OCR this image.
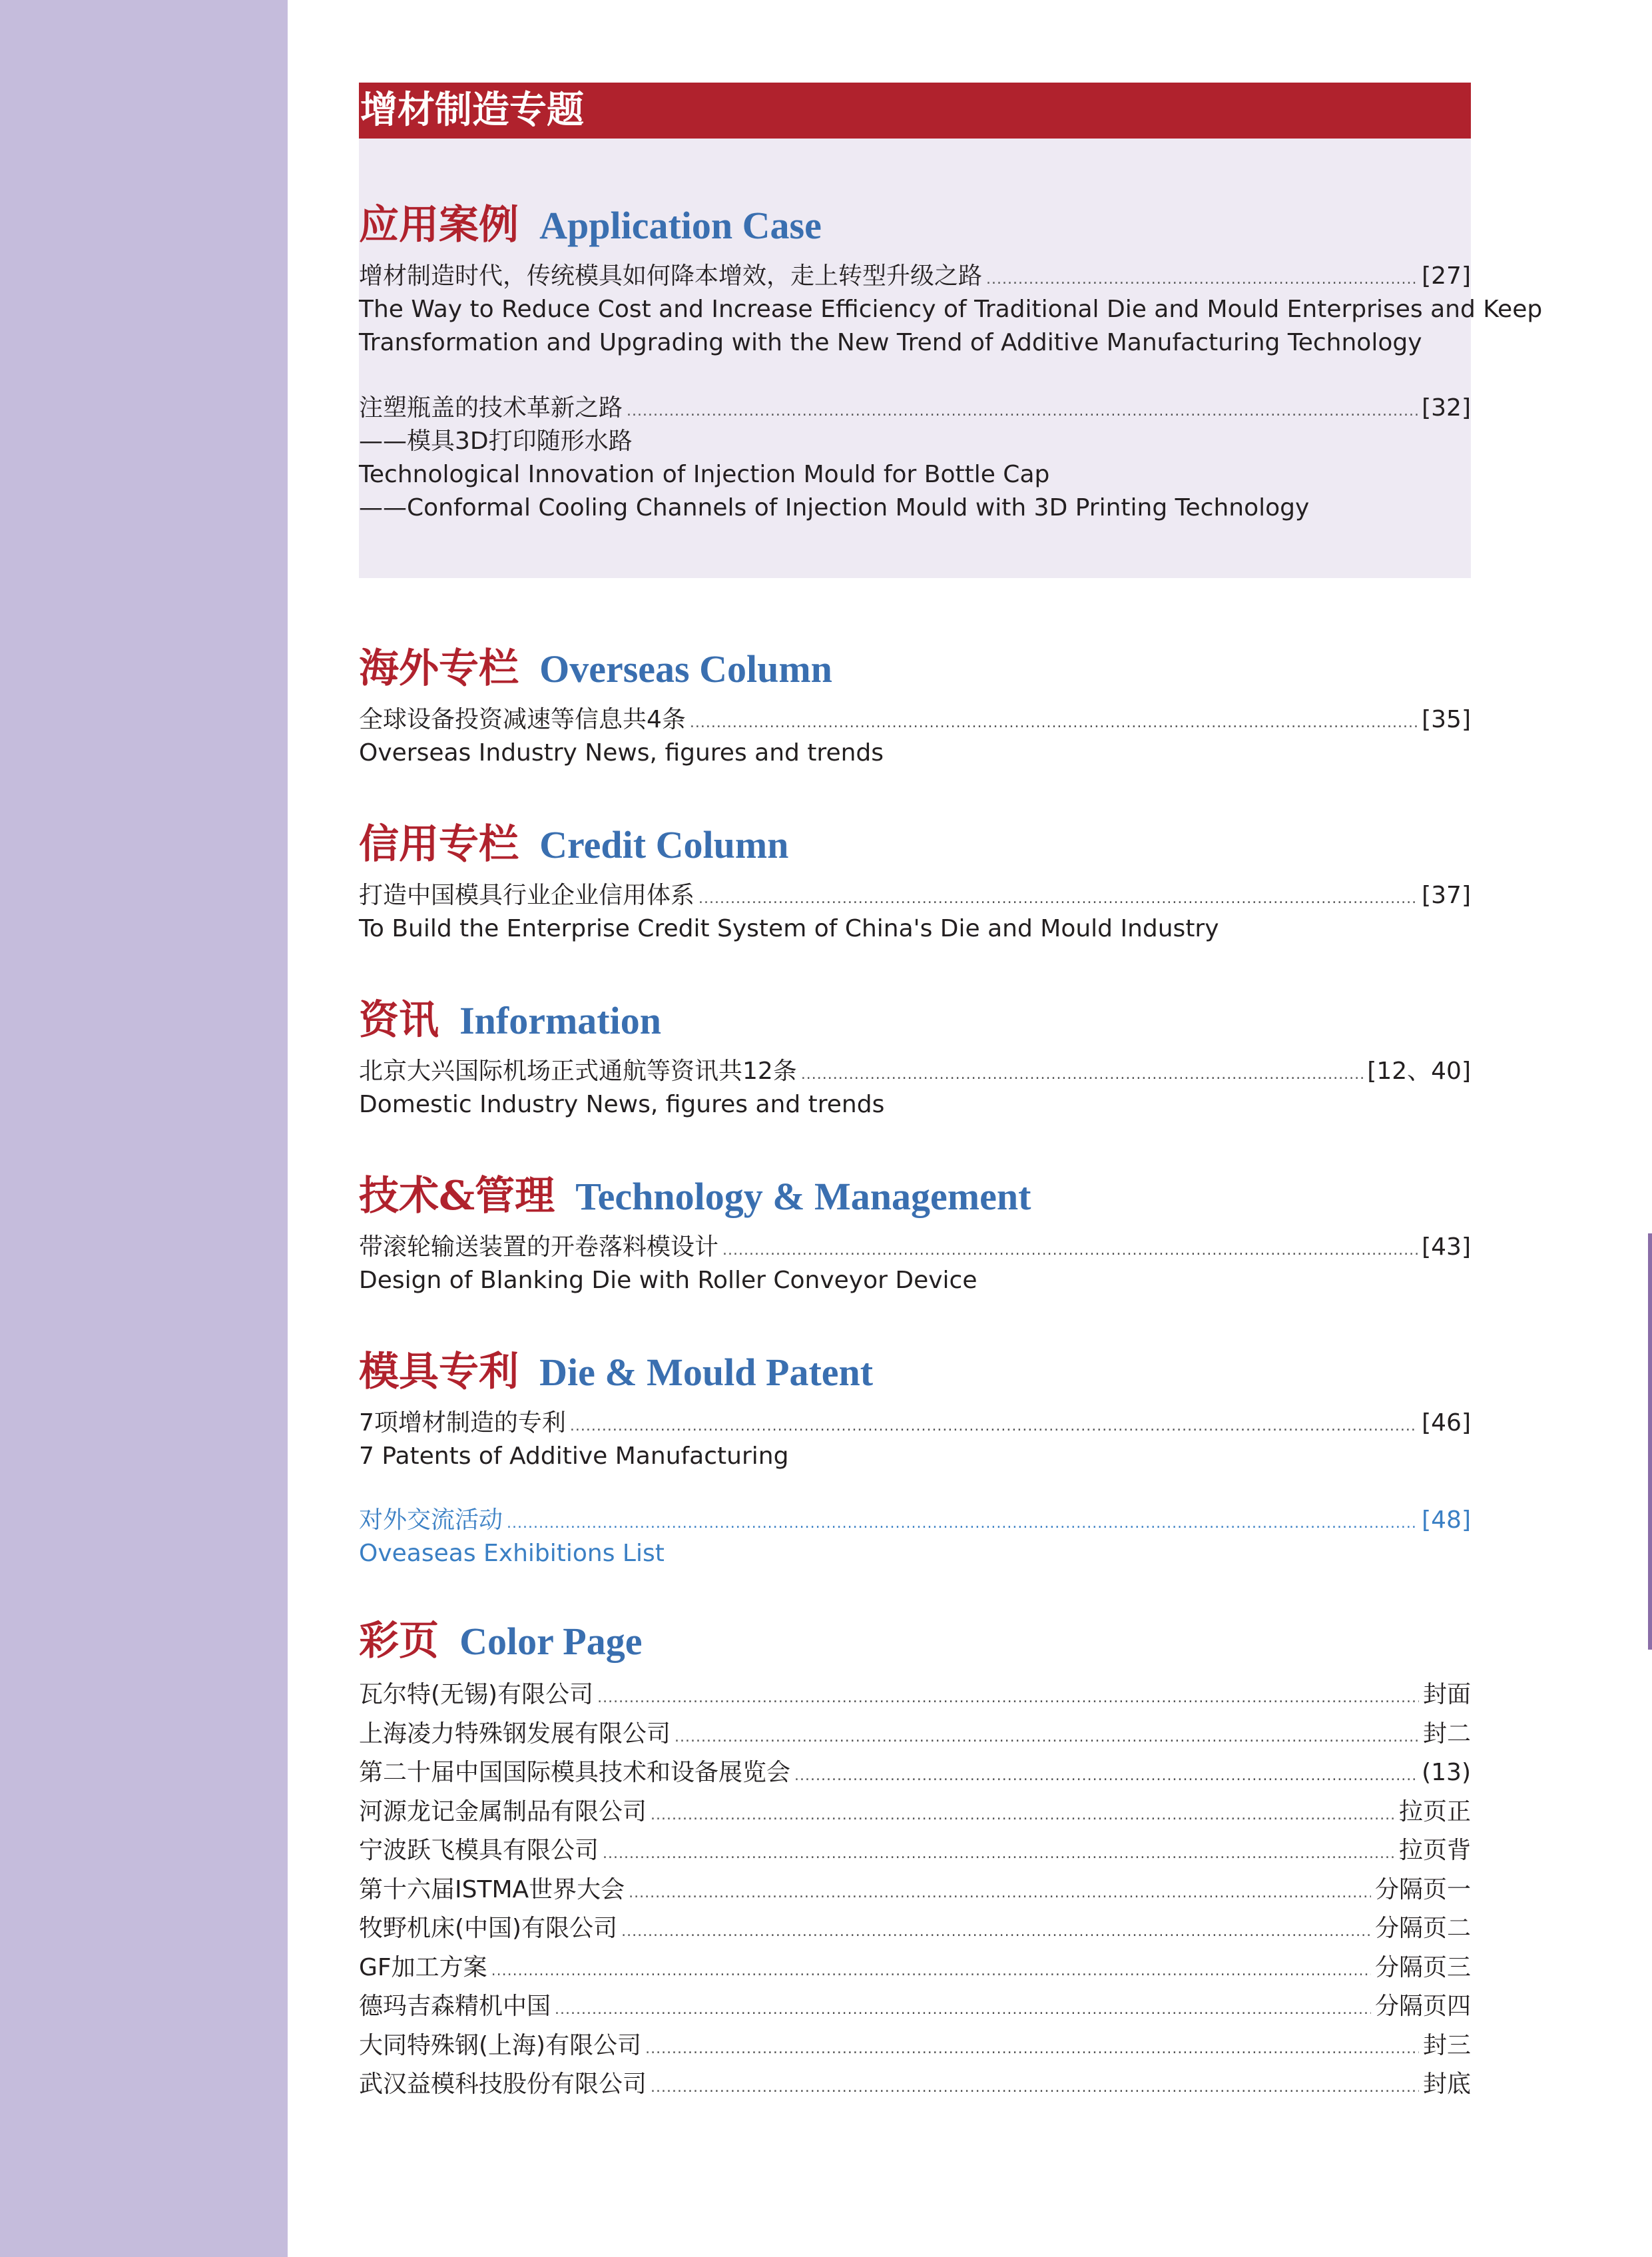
增材制造专题
应用案例 Application Case
增材制造时代，传统模具如何降本增效，走上转型升级之路 .....	[27]
The Way to Reduce Cost and Increase Efficiency of Traditional Die and Mould Enterprises and Keep
Transformation and Upgrading with the New Trend of Additive Manufacturing Technology
注塑瓶盖的技术革新之路 .....	[32]
——模具3D打印随形水路
Technological Innovation of Injection Mould for Bottle Cap
——Conformal Cooling Channels of Injection Mould with 3D Printing Technology
海外专栏 Overseas Column
全球设备投资减速等信息共4条 .....	[35]
Overseas Industry News, figures and trends
信用专栏 Credit Column
打造中国模具行业企业信用体系 .....	[37]
To Build the Enterprise Credit System of China's Die and Mould Industry
资讯 Information
北京大兴国际机场正式通航等资讯共12条 .....	[12、40]
Domestic Industry News, figures and trends
技术&管理 Technology & Management
带滚轮输送装置的开卷落料模设计 .....	[43]
Design of Blanking Die with Roller Conveyor Device
模具专利 Die & Mould Patent
7项增材制造的专利 .....	[46]
7 Patents of Additive Manufacturing
对外交流活动 .....	[48]
Oveaseas Exhibitions List
彩页 Color Page
瓦尔特(无锡)有限公司 .....	封面
上海凌力特殊钢发展有限公司 .....	封二
第二十届中国国际模具技术和设备展览会 .....	(13)
河源龙记金属制品有限公司 .....	拉页正
宁波跃飞模具有限公司 .....	拉页背
第十六届ISTMA世界大会 .....	分隔页一
牧野机床(中国)有限公司 .....	分隔页二
GF加工方案 .....	分隔页三
德玛吉森精机中国 .....	分隔页四
大同特殊钢(上海)有限公司 .....	封三
武汉益模科技股份有限公司 .....	封底
